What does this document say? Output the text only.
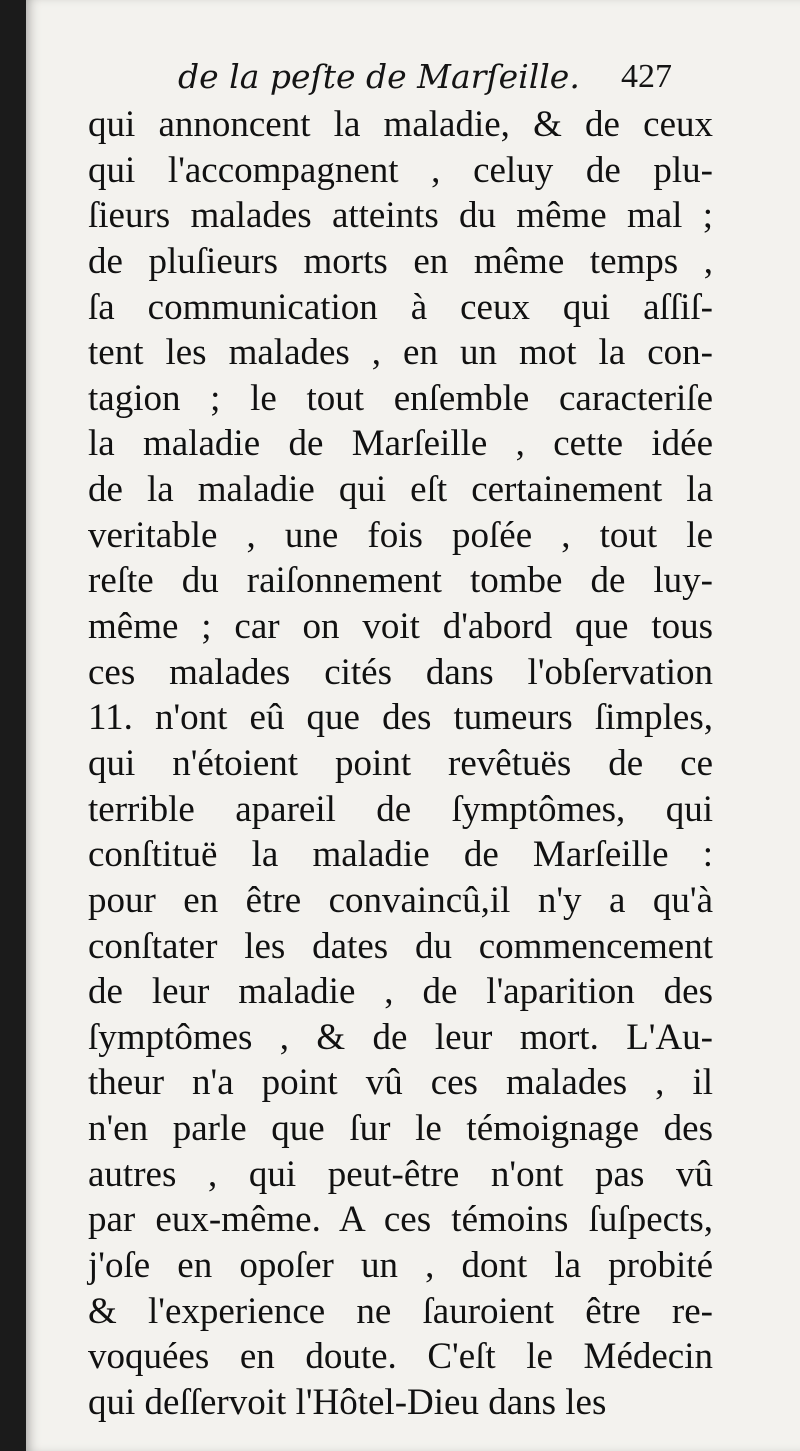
de la peſte de Marſeille. 427
qui annoncent la maladie, & de ceux
qui l'accompagnent , celuy de plu-
ſieurs malades atteints du même mal ;
de pluſieurs morts en même temps ,
ſa communication à ceux qui aſſiſ-
tent les malades , en un mot la con-
tagion ; le tout enſemble caracteriſe
la maladie de Marſeille , cette idée
de la maladie qui eſt certainement la
veritable , une fois poſée , tout le
reſte du raiſonnement tombe de luy-
même ; car on voit d'abord que tous
ces malades cités dans l'obſervation
11. n'ont eû que des tumeurs ſimples,
qui n'étoient point revêtuës de ce
terrible apareil de ſymptômes, qui
conſtituë la maladie de Marſeille :
pour en être convaincû,il n'y a qu'à
conſtater les dates du commencement
de leur maladie , de l'aparition des
ſymptômes , & de leur mort. L'Au-
theur n'a point vû ces malades , il
n'en parle que ſur le témoignage des
autres , qui peut-être n'ont pas vû
par eux-même. A ces témoins ſuſpects,
j'oſe en opoſer un , dont la probité
& l'experience ne ſauroient être re-
voquées en doute. C'eſt le Médecin
qui deſſervoit l'Hôtel-Dieu dans les
